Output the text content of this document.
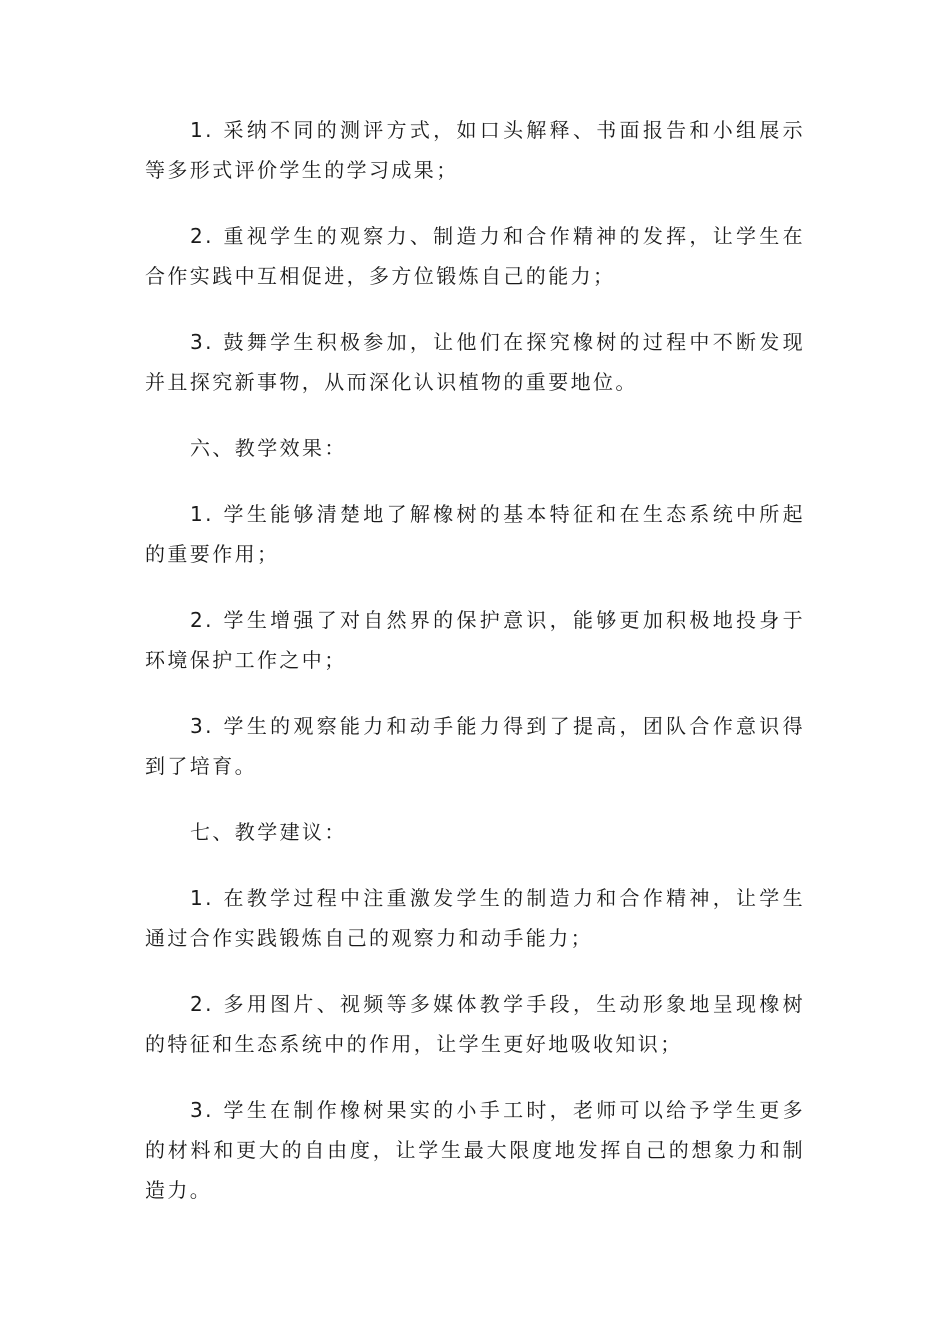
1. 采纳不同的测评方式，如口头解释、书面报告和小组展示等多形式评价学生的学习成果；

2. 重视学生的观察力、制造力和合作精神的发挥，让学生在合作实践中互相促进，多方位锻炼自己的能力；

3. 鼓舞学生积极参加，让他们在探究橡树的过程中不断发现并且探究新事物，从而深化认识植物的重要地位。

六、教学效果：

1. 学生能够清楚地了解橡树的基本特征和在生态系统中所起的重要作用；

2. 学生增强了对自然界的保护意识，能够更加积极地投身于环境保护工作之中；

3. 学生的观察能力和动手能力得到了提高，团队合作意识得到了培育。

七、教学建议：

1. 在教学过程中注重激发学生的制造力和合作精神，让学生通过合作实践锻炼自己的观察力和动手能力；

2. 多用图片、视频等多媒体教学手段，生动形象地呈现橡树的特征和生态系统中的作用，让学生更好地吸收知识；

3. 学生在制作橡树果实的小手工时，老师可以给予学生更多的材料和更大的自由度，让学生最大限度地发挥自己的想象力和制造力。
